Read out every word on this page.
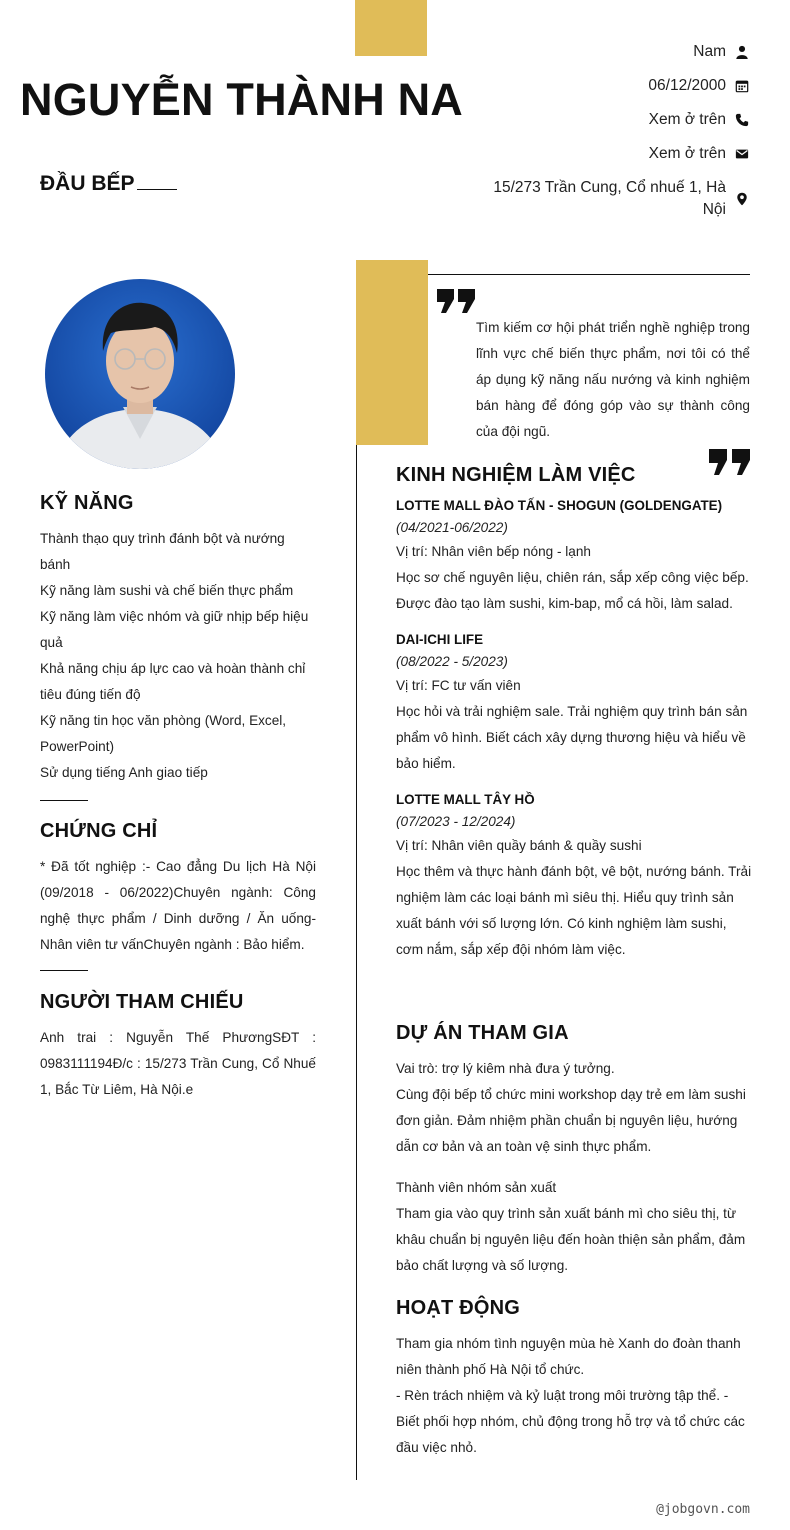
NGUYỄN THÀNH NA
ĐẦU BẾP
Nam
06/12/2000
Xem ở trên
Xem ở trên
15/273 Trần Cung, Cổ nhuế 1, Hà Nội
Tìm kiếm cơ hội phát triển nghề nghiệp trong lĩnh vực chế biến thực phẩm, nơi tôi có thể áp dụng kỹ năng nấu nướng và kinh nghiệm bán hàng để đóng góp vào sự thành công của đội ngũ.
KỸ NĂNG
Thành thạo quy trình đánh bột và nướng bánh
Kỹ năng làm sushi và chế biến thực phẩm
Kỹ năng làm việc nhóm và giữ nhịp bếp hiệu quả
Khả năng chịu áp lực cao và hoàn thành chỉ tiêu đúng tiến độ
Kỹ năng tin học văn phòng (Word, Excel, PowerPoint)
Sử dụng tiếng Anh giao tiếp
CHỨNG CHỈ
* Đã tốt nghiệp :- Cao đẳng Du lịch Hà Nội (09/2018 - 06/2022)Chuyên ngành: Công nghệ thực phẩm / Dinh dưỡng / Ăn uống- Nhân viên tư vấnChuyên ngành : Bảo hiểm.
NGƯỜI THAM CHIẾU
Anh trai : Nguyễn Thế PhươngSĐT : 0983111194Đ/c : 15/273 Trần Cung, Cổ Nhuế 1, Bắc Từ Liêm, Hà Nội.e
KINH NGHIỆM LÀM VIỆC
LOTTE MALL ĐÀO TẤN - SHOGUN (GOLDENGATE)
(04/2021-06/2022)
Vị trí: Nhân viên bếp nóng - lạnh
Học sơ chế nguyên liệu, chiên rán, sắp xếp công việc bếp. Được đào tạo làm sushi, kim-bap, mổ cá hồi, làm salad.
DAI-ICHI LIFE
(08/2022 - 5/2023)
Vị trí: FC tư vấn viên
Học hỏi và trải nghiệm sale. Trải nghiệm quy trình bán sản phẩm vô hình. Biết cách xây dựng thương hiệu và hiểu về bảo hiểm.
LOTTE MALL TÂY HỒ
(07/2023 - 12/2024)
Vị trí: Nhân viên quầy bánh & quầy sushi
Học thêm và thực hành đánh bột, vê bột, nướng bánh. Trải nghiệm làm các loại bánh mì siêu thị. Hiểu quy trình sản xuất bánh với số lượng lớn. Có kinh nghiệm làm sushi, cơm nắm, sắp xếp đội nhóm làm việc.
DỰ ÁN THAM GIA
Vai trò: trợ lý kiêm nhà đưa ý tưởng.
Cùng đội bếp tổ chức mini workshop dạy trẻ em làm sushi đơn giản. Đảm nhiệm phần chuẩn bị nguyên liệu, hướng dẫn cơ bản và an toàn vệ sinh thực phẩm.
Thành viên nhóm sản xuất
Tham gia vào quy trình sản xuất bánh mì cho siêu thị, từ khâu chuẩn bị nguyên liệu đến hoàn thiện sản phẩm, đảm bảo chất lượng và số lượng.
HOẠT ĐỘNG
Tham gia nhóm tình nguyện mùa hè Xanh do đoàn thanh niên thành phố Hà Nội tổ chức.
- Rèn trách nhiệm và kỷ luật trong môi trường tập thể. - Biết phối hợp nhóm, chủ động trong hỗ trợ và tổ chức các đầu việc nhỏ.
@jobgovn.com
